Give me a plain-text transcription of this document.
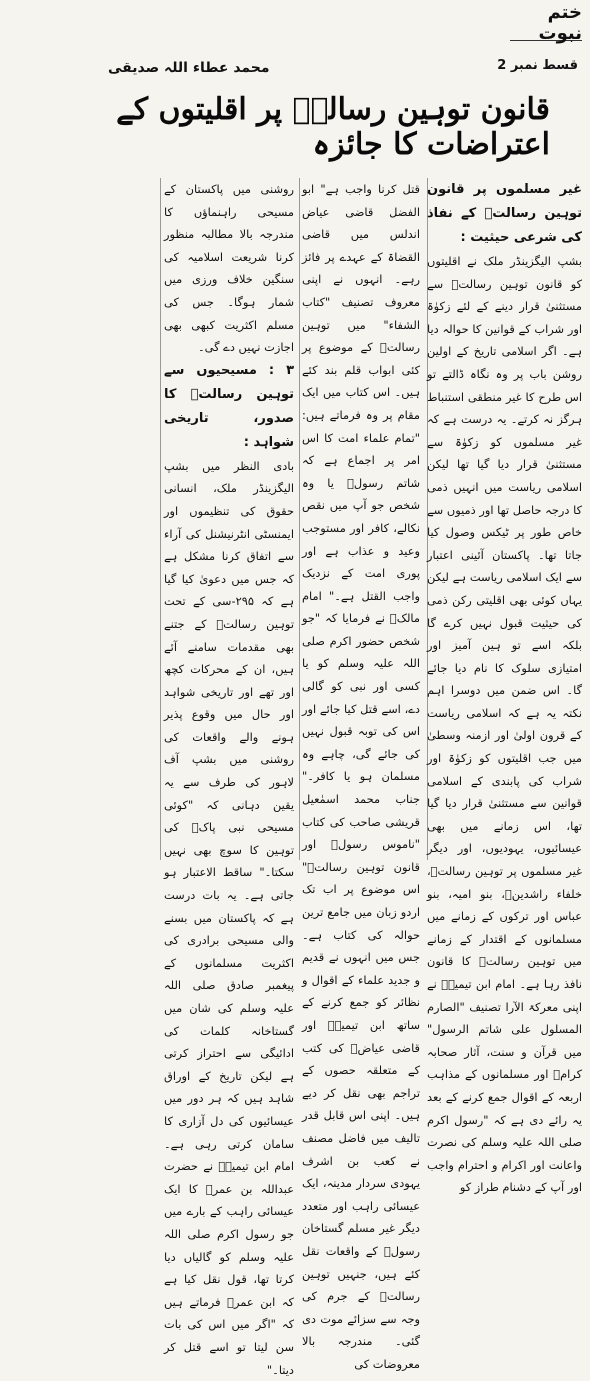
ختم نبوت
قسط نمبر 2
محمد عطاء اللہ صدیقی
قانون توہین رسالتؐ پر اقلیتوں کے اعتراضات کا جائزہ

غیر مسلموں پر قانون توہین رسالتؐ کے نفاذ کی شرعی حیثیت :

بشپ الیگزینڈر ملک نے اقلیتوں کو قانون توہین رسالتؐ سے مستثنیٰ قرار دینے کے لئے زکوٰۃ اور شراب کے قوانین کا حوالہ دیا ہے۔ اگر اسلامی تاریخ کے اولین روشن باب پر وہ نگاہ ڈالتے تو اس طرح کا غیر منطقی استنباط ہرگز نہ کرتے۔ یہ درست ہے کہ غیر مسلموں کو زکوٰۃ سے مستثنیٰ قرار دیا گیا تھا لیکن اسلامی ریاست میں انہیں ذمی کا درجہ حاصل تھا اور ذمیوں سے خاص طور پر ٹیکس وصول کیا جاتا تھا۔ پاکستان آئینی اعتبار سے ایک اسلامی ریاست ہے لیکن یہاں کوئی بھی اقلیتی رکن ذمی کی حیثیت قبول نہیں کرے گا بلکہ اسے تو ہین آمیز اور امتیازی سلوک کا نام دیا جائے گا۔ اس ضمن میں دوسرا اہم نکتہ یہ ہے کہ اسلامی ریاست کے قرون اولیٰ اور ازمنہ وسطیٰ میں جب اقلیتوں کو زکوٰۃ اور شراب کی پابندی کے اسلامی قوانین سے مستثنیٰ قرار دیا گیا تھا، اس زمانے میں بھی عیسائیوں، یہودیوں، اور دیگر غیر مسلموں پر توہین رسالتؐ، خلفاء راشدینؓ، بنو امیہ، بنو عباس اور ترکوں کے زمانے میں مسلمانوں کے اقتدار کے زمانے میں توہین رسالتؐ کا قانون نافذ رہا ہے۔ امام ابن تیمیہؒ نے اپنی معرکۃ الآرا تصنیف "الصارم المسلول علی شاتم الرسول" میں قرآن و سنت، آثار صحابہ کرامؓ اور مسلمانوں کے مذاہب اربعہ کے اقوال جمع کرنے کے بعد یہ رائے دی ہے کہ "رسول اکرم صلی اللہ علیہ وسلم کی نصرت واعانت اور اکرام و احترام واجب اور آپ کے دشنام طراز کو

قتل کرنا واجب ہے" ابو الفضل قاضی عیاض اندلس میں قاضی القضاۃ کے عہدے پر فائز رہے۔ انہوں نے اپنی معروف تصنیف "کتاب الشفاء" میں توہین رسالتؐ کے موضوع پر کئی ابواب قلم بند کئے ہیں۔ اس کتاب میں ایک مقام پر وہ فرماتے ہیں: "تمام علماء امت کا اس امر پر اجماع ہے کہ شاتم رسولؐ یا وہ شخص جو آپ میں نقص نکالے، کافر اور مستوجب وعید و عذاب ہے اور پوری امت کے نزدیک واجب القتل ہے۔" امام مالکؒ نے فرمایا کہ "جو شخص حضور اکرم صلی اللہ علیہ وسلم کو یا کسی اور نبی کو گالی دے، اسے قتل کیا جائے اور اس کی توبہ قبول نہیں کی جائے گی، چاہے وہ مسلمان ہو یا کافر۔" جناب محمد اسمٰعیل قریشی صاحب کی کتاب "ناموس رسولؐ اور قانون توہین رسالتؐ" اس موضوع پر اب تک اردو زبان میں جامع ترین حوالہ کی کتاب ہے۔ جس میں انہوں نے قدیم و جدید علماء کے اقوال و نظائر کو جمع کرنے کے ساتھ ابن تیمیہؒ اور قاضی عیاضؒ کی کتب کے متعلقہ حصوں کے تراجم بھی نقل کر دیے ہیں۔ اپنی اس قابل قدر تالیف میں فاضل مصنف نے کعب بن اشرف یہودی سردار مدینہ، ایک عیسائی راہب اور متعدد دیگر غیر مسلم گستاخان رسولؐ کے واقعات نقل کئے ہیں، جنہیں توہین رسالتؐ کے جرم کی وجہ سے سزائے موت دی گئی۔ مندرجہ بالا معروضات کی

روشنی میں پاکستان کے مسیحی راہنماؤں کا مندرجہ بالا مطالبہ منظور کرنا شریعت اسلامیہ کی سنگین خلاف ورزی میں شمار ہوگا۔ جس کی مسلم اکثریت کبھی بھی اجازت نہیں دے گی۔

۳ : مسیحیوں سے توہین رسالتؐ کا صدور، تاریخی شواہد :

بادی النظر میں بشپ الیگزینڈر ملک، انسانی حقوق کی تنظیموں اور ایمنسٹی انٹرنیشنل کی آراء سے اتفاق کرنا مشکل ہے کہ جس میں دعویٰ کیا گیا ہے کہ ۲۹۵-سی کے تحت توہین رسالتؐ کے جتنے بھی مقدمات سامنے آئے ہیں، ان کے محرکات کچھ اور تھے اور تاریخی شواہد اور حال میں وقوع پذیر ہونے والے واقعات کی روشنی میں بشپ آف لاہور کی طرف سے یہ یقین دہانی کہ "کوئی مسیحی نبی پاکؐ کی توہین کا سوچ بھی نہیں سکتا۔" ساقط الاعتبار ہو جاتی ہے۔ یہ بات درست ہے کہ پاکستان میں بسنے والی مسیحی برادری کی اکثریت مسلمانوں کے پیغمبر صادق صلی اللہ علیہ وسلم کی شان میں گستاخانہ کلمات کی ادائیگی سے احتراز کرتی ہے لیکن تاریخ کے اوراق شاہد ہیں کہ ہر دور میں عیسائیوں کی دل آزاری کا سامان کرتی رہی ہے۔ امام ابن تیمیہؒ نے حضرت عبداللہ بن عمرؓ کا ایک عیسائی راہب کے بارے میں جو رسول اکرم صلی اللہ علیہ وسلم کو گالیاں دیا کرتا تھا، قول نقل کیا ہے کہ ابن عمرؓ فرماتے ہیں کہ "اگر میں اس کی بات سن لیتا تو اسے قتل کر دیتا۔"
